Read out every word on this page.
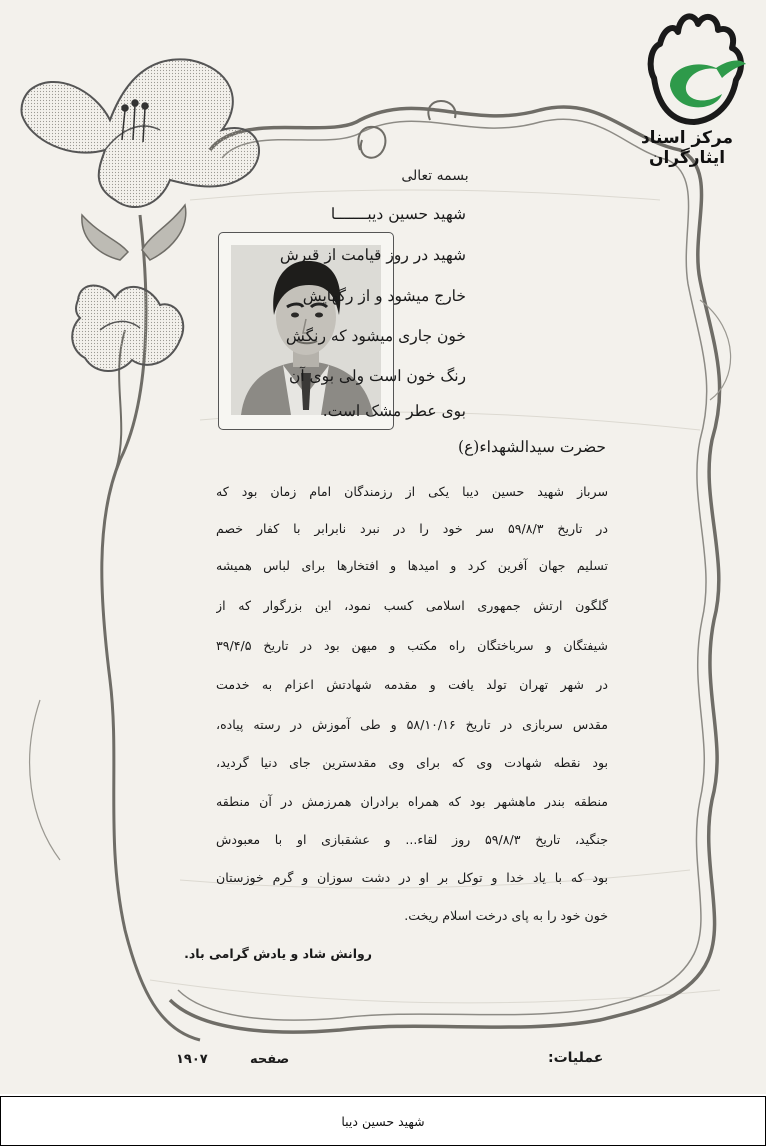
مرکز اسناد ایثارگران
بسمه تعالی
شهید حسین دیبـــــــا
شهید در روز قیامت از قبرش
خارج میشود و از رگهایش
خون جاری میشود که رنگش
رنگ خون است ولی بوی آن
بوی عطر مشک است.
حضرت سیدالشهداء(ع)
سرباز شهید حسین دیبا یکی از رزمندگان امام زمان بود که
در تاریخ ۵۹/۸/۳ سر خود را در نبرد نابرابر با کفار خصم
تسلیم جهان آفرین کرد و امیدها و افتخارها برای لباس همیشه
گلگون ارتش جمهوری اسلامی کسب نمود، این بزرگوار که از
شیفتگان و سرباختگان راه مکتب و میهن بود در تاریخ ۳۹/۴/۵
در شهر تهران تولد یافت و مقدمه شهادتش اعزام به خدمت
مقدس سربازی در تاریخ ۵۸/۱۰/۱۶ و طی آموزش در رسته پیاده،
بود نقطه شهادت وی که برای وی مقدسترین جای دنیا گردید،
منطقه بندر ماهشهر بود که همراه برادران همرزمش در آن منطقه
جنگید، تاریخ ۵۹/۸/۳ روز لقاء... و عشقبازی او با معبودش
بود که با یاد خدا و توکل بر او در دشت سوزان و گرم خوزستان
خون خود را به پای درخت اسلام ریخت.
روانش شاد و یادش گرامی باد.
عملیات:
صفحه
۱۹۰۷
شهید حسین دیبا
